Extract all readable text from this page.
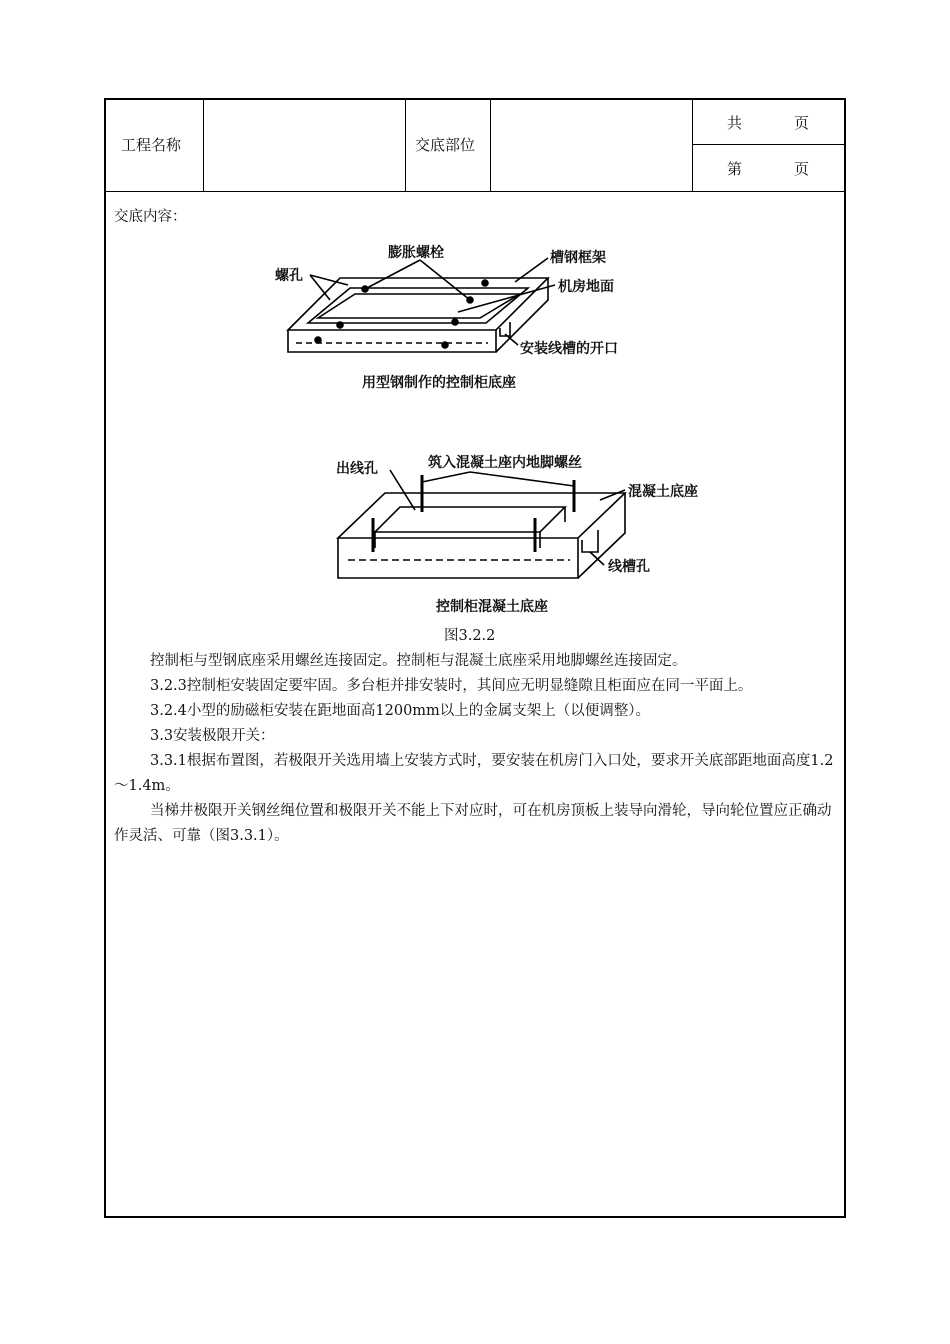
工程名称	交底部位
共	页
第	页
交底内容：
膨胀螺栓	槽钢框架
螺孔
机房地面
安装线槽的开口
用型钢制作的控制柜底座
出线孔	筑入混凝土座内地脚螺丝
混凝土底座
线槽孔
控制柜混凝土底座
图3.2.2

控制柜与型钢底座采用螺丝连接固定。控制柜与混凝土底座采用地脚螺丝连接固定。

3.2.3控制柜安装固定要牢固。多台柜并排安装时，其间应无明显缝隙且柜面应在同一平面上。

3.2.4小型的励磁柜安装在距地面高1200mm以上的金属支架上（以便调整）。

3.3安装极限开关：

3.3.1根据布置图，若极限开关选用墙上安装方式时，要安装在机房门入口处，要求开关底部距地面高度1.2～1.4m。

当梯井极限开关钢丝绳位置和极限开关不能上下对应时，可在机房顶板上装导向滑轮，导向轮位置应正确动作灵活、可靠（图3.3.1）。
